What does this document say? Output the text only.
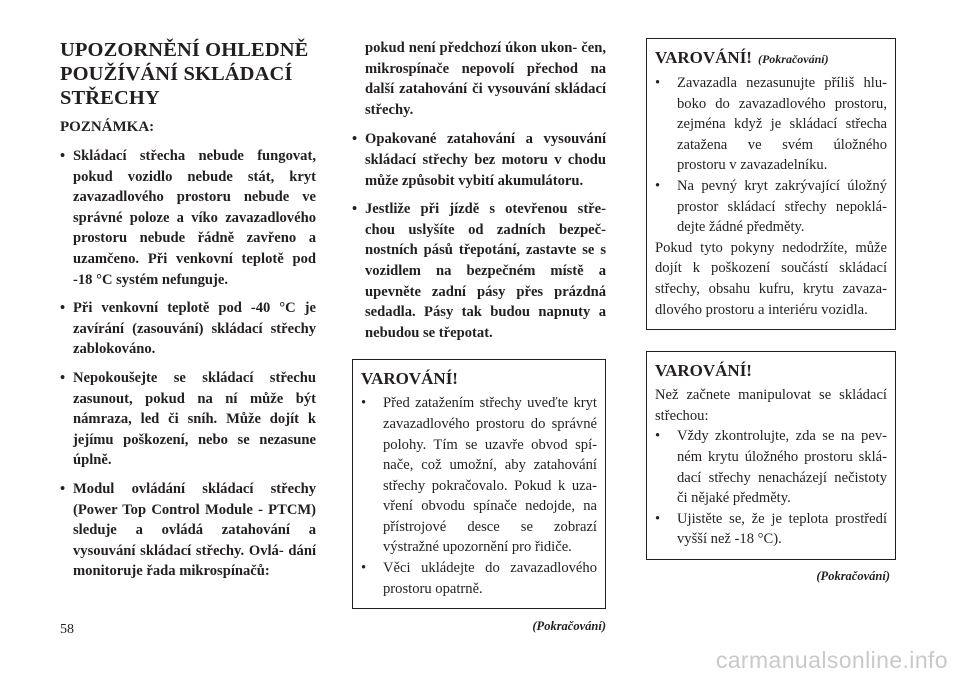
UPOZORNĚNÍ OHLEDNĚ
POUŽÍVÁNÍ SKLÁDACÍ
STŘECHY
POZNÁMKA:
• Skládací střecha nebude fungovat, pokud vozidlo nebude stát, kryt zavazadlového prostoru nebude ve správné poloze a víko zavazadlového prostoru nebude řádně zavřeno a uzamčeno. Při venkovní teplotě pod -18 °C systém nefunguje.
• Při venkovní teplotě pod -40 °C je zavírání (zasouvání) skládací střechy zablokováno.
• Nepokoušejte se skládací střechu zasunout, pokud na ní může být námraza, led či sníh. Může dojít k jejímu poškození, nebo se nezasune úplně.
• Modul ovládání skládací střechy (Power Top Control Module - PTCM) sleduje a ovládá zatahování a vysouvání skládací střechy. Ovlá- dání monitoruje řada mikrospínačů:
pokud není předchozí úkon ukon- čen, mikrospínače nepovolí přechod na další zatahování či vysouvání skládací střechy.
• Opakované zatahování a vysouvání skládací střechy bez motoru v chodu může způsobit vybití akumulátoru.
• Jestliže při jízdě s otevřenou stře- chou uslyšíte od zadních bezpeč- nostních pásů třepotání, zastavte se s vozidlem na bezpečném místě a upevněte zadní pásy přes prázdná sedadla. Pásy tak budou napnuty a nebudou se třepotat.
VAROVÁNÍ!
•	Před zatažením střechy uveďte kryt zavazadlového prostoru do správné polohy. Tím se uzavře obvod spí- nače, což umožní, aby zatahování střechy pokračovalo. Pokud k uza- vření obvodu spínače nedojde, na přístrojové desce se zobrazí výstražné upozornění pro řidiče.
•	Věci ukládejte do zavazadlového prostoru opatrně.
(Pokračování)
VAROVÁNÍ! (Pokračování)
•	Zavazadla nezasunujte příliš hlu- boko do zavazadlového prostoru, zejména když je skládací střecha zatažena ve svém úložného prostoru v zavazadelníku.
•	Na pevný kryt zakrývající úložný prostor skládací střechy nepoklá- dejte žádné předměty.

Pokud tyto pokyny nedodržíte, může dojít k poškození součástí skládací střechy, obsahu kufru, krytu zavaza- dlového prostoru a interiéru vozidla.

VAROVÁNÍ!

Než začnete manipulovat se skládací střechou:

•	Vždy zkontrolujte, zda se na pev- ném krytu úložného prostoru sklá- dací střechy nenacházejí nečistoty či nějaké předměty.
•	Ujistěte se, že je teplota prostředí vyšší než -18 °C).
(Pokračování)
58
carmanualsonline.info
